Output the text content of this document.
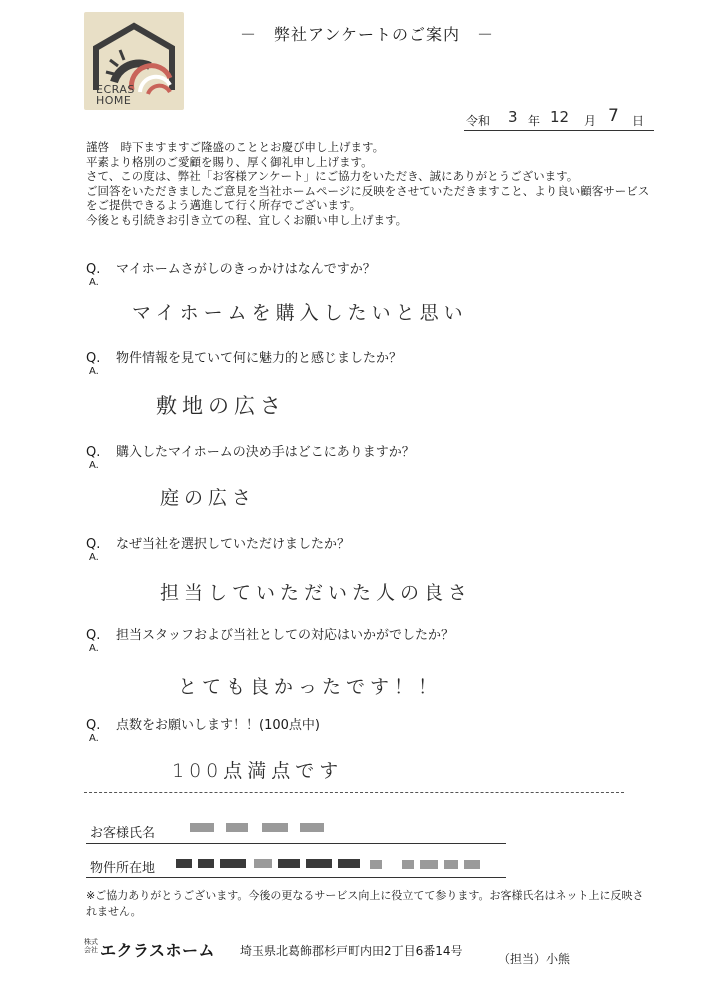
ECRAS
HOME
－　弊社アンケートのご案内　－
令和 3 年 12 月 7 日
謹啓　時下ますますご隆盛のこととお慶び申し上げます。
平素より格別のご愛顧を賜り、厚く御礼申し上げます。
さて、この度は、弊社「お客様アンケート」にご協力をいただき、誠にありがとうございます。
ご回答をいただきましたご意見を当社ホームページに反映をさせていただきますこと、より良い顧客サービス
をご提供できるよう邁進して行く所存でございます。
今後とも引続きお引き立ての程、宜しくお願い申し上げます。
Q. マイホームさがしのきっかけはなんですか？
A.
マイホームを購入したいと思い
Q. 物件情報を見ていて何に魅力的と感じましたか？
A.
敷地の広さ
Q. 購入したマイホームの決め手はどこにありますか？
A.
庭の広さ
Q. なぜ当社を選択していただけましたか？
A.
担当していただいた人の良さ
Q. 担当スタッフおよび当社としての対応はいかがでしたか？
A.
とても良かったです！！
Q. 点数をお願いします！！(100点中)
A.
100点満点です
お客様氏名
物件所在地
※ご協力ありがとうございます。今後の更なるサービス向上に役立てて参ります。お客様氏名はネット上に反映されません。
株式会社 エクラスホーム 埼玉県北葛飾郡杉戸町内田2丁目6番14号
（担当）小熊
